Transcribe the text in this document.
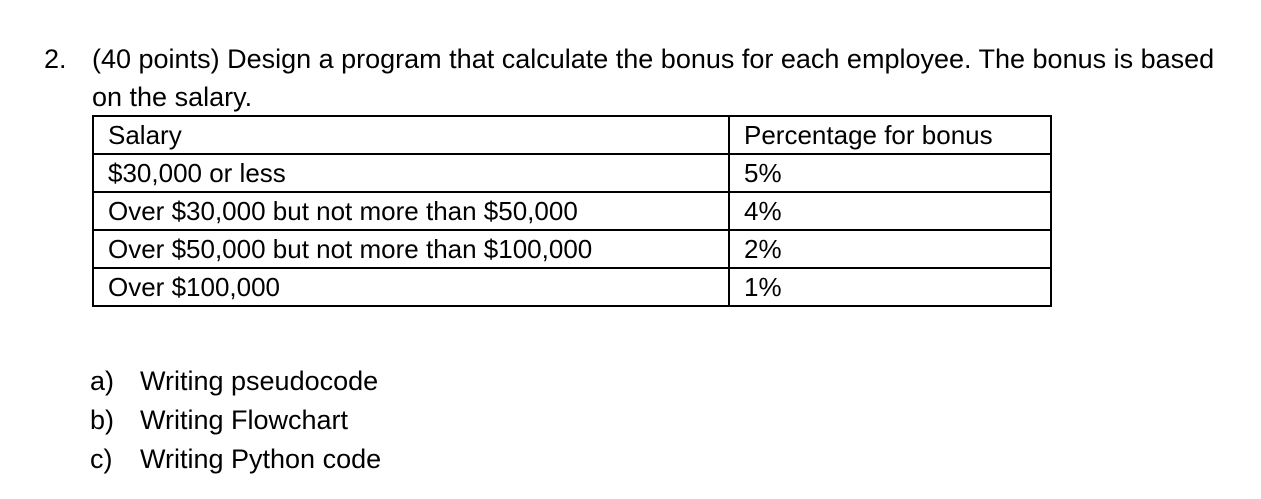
2. (40 points) Design a program that calculate the bonus for each employee. The bonus is based on the salary.
Salary	Percentage for bonus
$30,000 or less	5%
Over $30,000 but not more than $50,000	4%
Over $50,000 but not more than $100,000	2%
Over $100,000	1%
a) Writing pseudocode
b) Writing Flowchart
c) Writing Python code
